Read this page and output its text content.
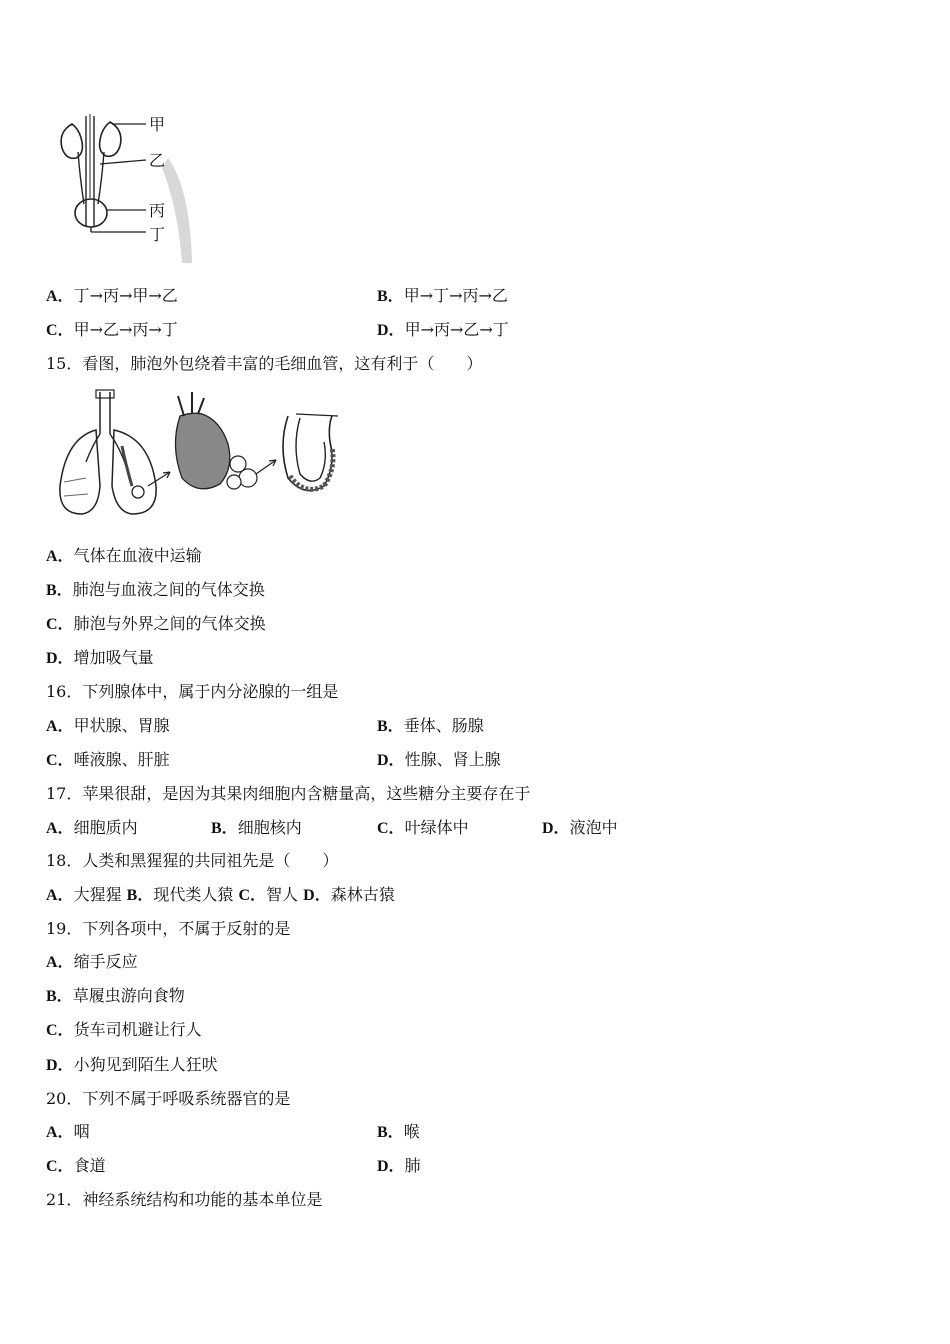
甲
乙
丙
丁
A．丁→丙→甲→乙	B．甲→丁→丙→乙
C．甲→乙→丙→丁	D．甲→丙→乙→丁
15．看图，肺泡外包绕着丰富的毛细血管，这有利于（　　）
A．气体在血液中运输
B．肺泡与血液之间的气体交换
C．肺泡与外界之间的气体交换
D．增加吸气量
16．下列腺体中，属于内分泌腺的一组是
A．甲状腺、胃腺	B．垂体、肠腺
C．唾液腺、肝脏	D．性腺、肾上腺
17．苹果很甜，是因为其果肉细胞内含糖量高，这些糖分主要存在于
A．细胞质内	B．细胞核内	C．叶绿体中	D．液泡中
18．人类和黑猩猩的共同祖先是（　　）
A．大猩猩 B．现代类人猿 C．智人 D．森林古猿
19．下列各项中，不属于反射的是
A．缩手反应
B．草履虫游向食物
C．货车司机避让行人
D．小狗见到陌生人狂吠
20．下列不属于呼吸系统器官的是
A．咽	B．喉
C．食道	D．肺
21．神经系统结构和功能的基本单位是
